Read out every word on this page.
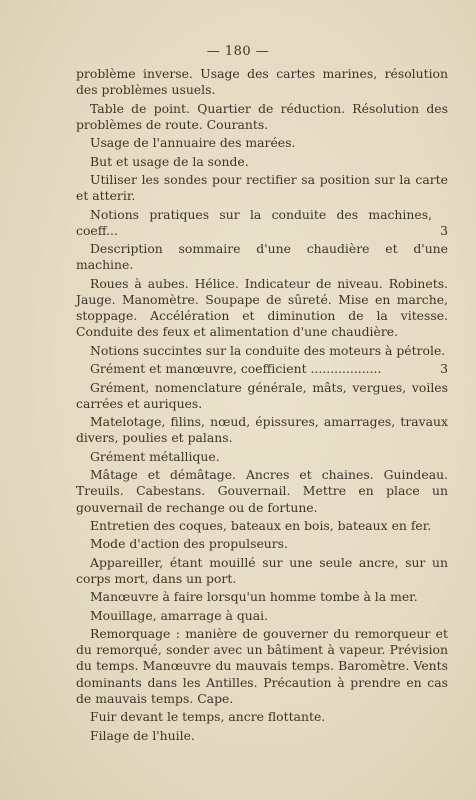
— 180 —
problème inverse. Usage des cartes marines, résolution des problèmes usuels.
Table de point. Quartier de réduction. Résolution des problèmes de route. Courants.
Usage de l'annuaire des marées.
But et usage de la sonde.
Utiliser les sondes pour rectifier sa position sur la carte et atterir.
Notions pratiques sur la conduite des machines, coeff...	3
Description sommaire d'une chaudière et d'une machine.
Roues à aubes. Hélice. Indicateur de niveau. Robinets. Jauge. Manomètre. Soupape de sûreté. Mise en marche, stoppage. Accélération et diminution de la vitesse. Conduite des feux et alimentation d'une chaudière.
Notions succintes sur la conduite des moteurs à pétrole.
Grément et manœuvre, coefficient ..................	3
Grément, nomenclature générale, mâts, vergues, voiles carrées et auriques.
Matelotage, filins, nœud, épissures, amarrages, travaux divers, poulies et palans.
Grément métallique.
Mâtage et démâtage. Ancres et chaines. Guindeau. Treuils. Cabestans. Gouvernail. Mettre en place un gouvernail de rechange ou de fortune.
Entretien des coques, bateaux en bois, bateaux en fer.
Mode d'action des propulseurs.
Appareiller, étant mouillé sur une seule ancre, sur un corps mort, dans un port.
Manœuvre à faire lorsqu'un homme tombe à la mer.
Mouillage, amarrage à quai.
Remorquage : manière de gouverner du remorqueur et du remorqué, sonder avec un bâtiment à vapeur. Prévision du temps. Manœuvre du mauvais temps. Baromètre. Vents dominants dans les Antilles. Précaution à prendre en cas de mauvais temps. Cape.
Fuir devant le temps, ancre flottante.
Filage de l'huile.
